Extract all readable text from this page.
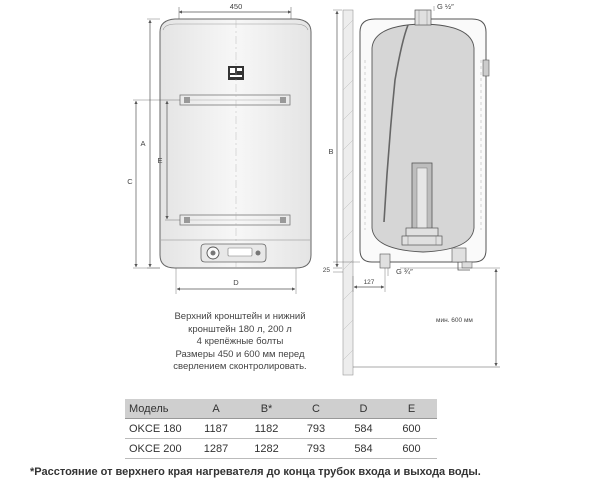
450
A
C
E
D
G ½″
B
25	G ¾″
127
мин. 600 мм
Верхний кронштейн и нижний
кронштейн 180 л, 200 л
4 крепёжные болты
Размеры 450 и 600 мм перед
сверлением сконтролировать.
Модель	A	B*	C	D	E
OKCE 180	1187	1182	793	584	600
OKCE 200	1287	1282	793	584	600
*Расстояние от верхнего края нагревателя до конца трубок входа и выхода воды.
